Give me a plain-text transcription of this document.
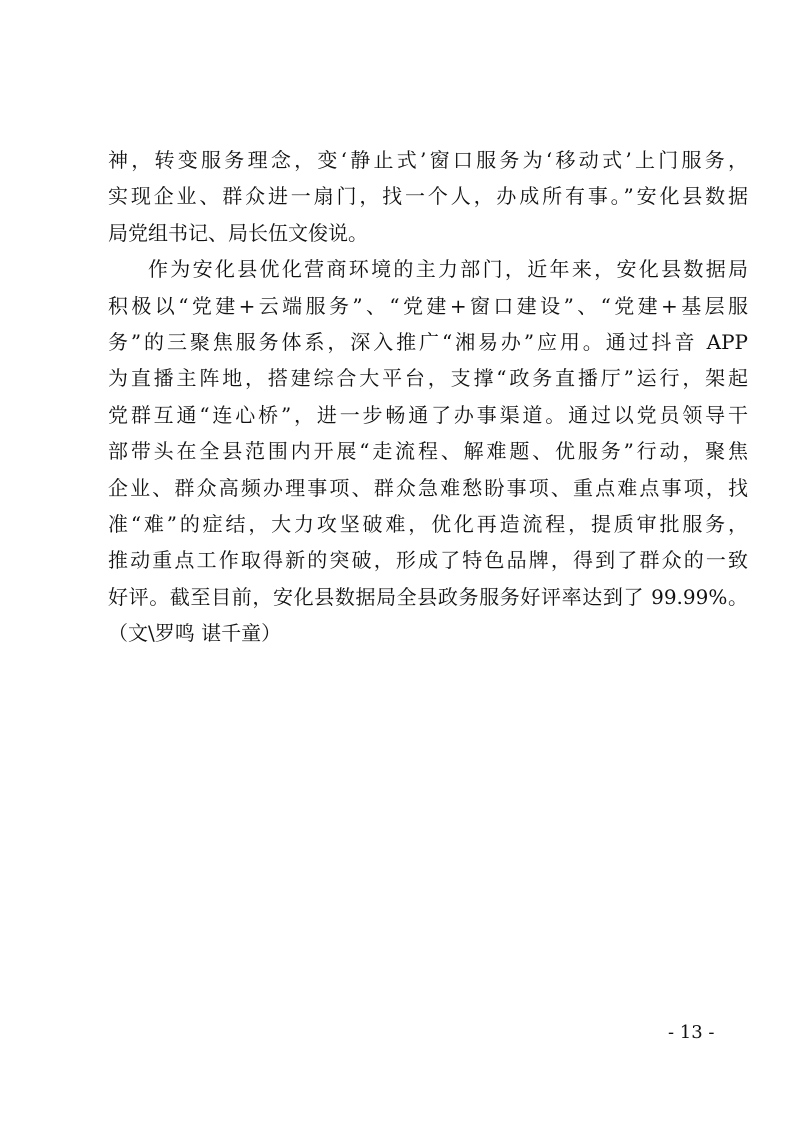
神，转变服务理念，变‘静止式’窗口服务为‘移动式’上门服务，
实现企业、群众进一扇门，找一个人，办成所有事。”安化县数据
局党组书记、局长伍文俊说。
作为安化县优化营商环境的主力部门，近年来，安化县数据局
积极以“党建+云端服务”、“党建+窗口建设”、“党建+基层服
务”的三聚焦服务体系，深入推广“湘易办”应用。通过抖音 APP
为直播主阵地，搭建综合大平台，支撑“政务直播厅”运行，架起
党群互通“连心桥”，进一步畅通了办事渠道。通过以党员领导干
部带头在全县范围内开展“走流程、解难题、优服务”行动，聚焦
企业、群众高频办理事项、群众急难愁盼事项、重点难点事项，找
准“难”的症结，大力攻坚破难，优化再造流程，提质审批服务，
推动重点工作取得新的突破，形成了特色品牌，得到了群众的一致
好评。截至目前，安化县数据局全县政务服务好评率达到了 99.99%。
（文\罗鸣 谌千童）
- 13 -
